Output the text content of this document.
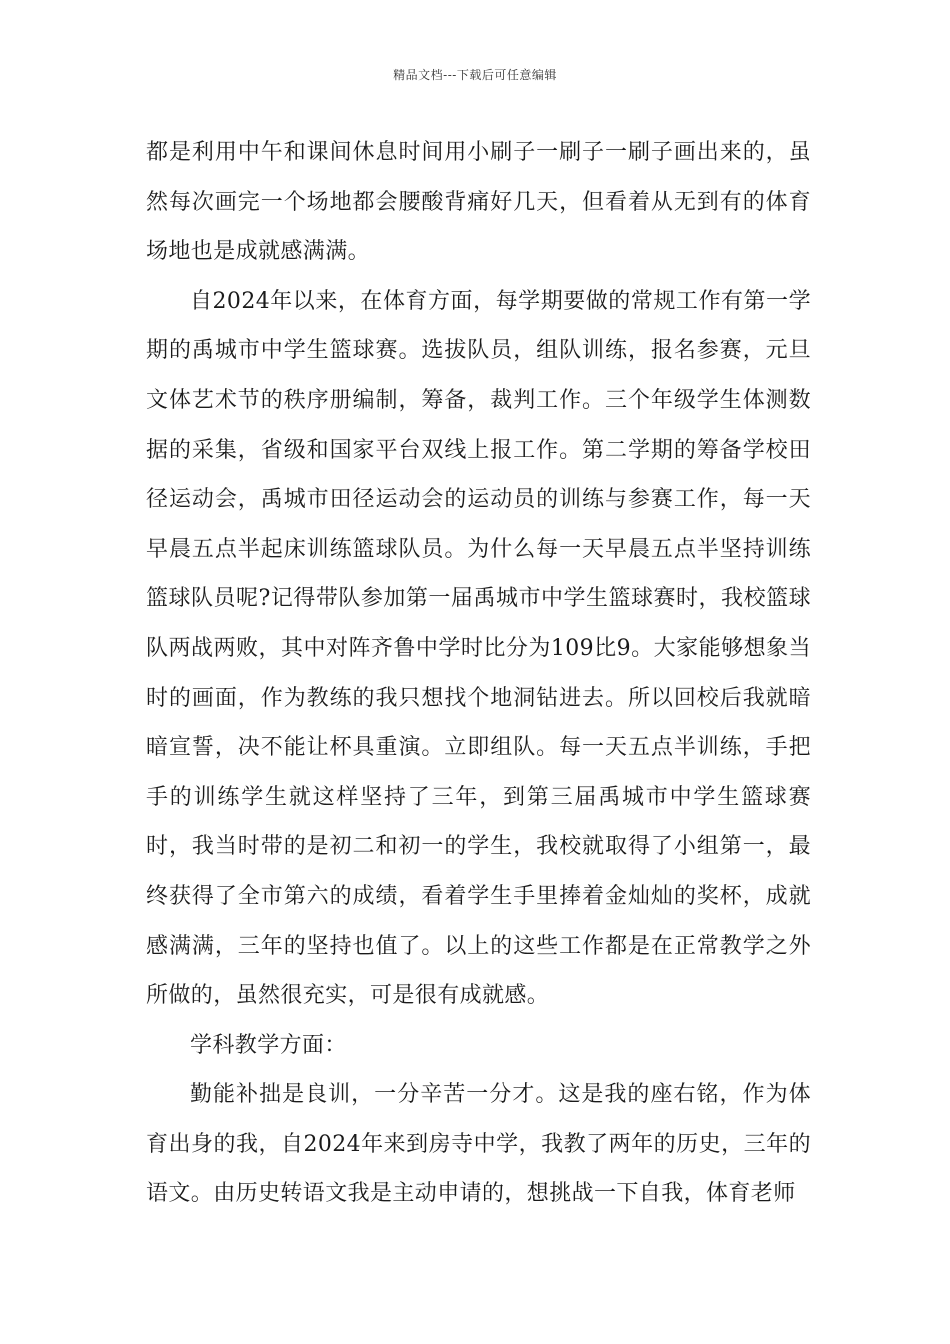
精品文档---下载后可任意编辑

都是利用中午和课间休息时间用小刷子一刷子一刷子画出来的，虽然每次画完一个场地都会腰酸背痛好几天，但看着从无到有的体育场地也是成就感满满。

自2024年以来，在体育方面，每学期要做的常规工作有第一学期的禹城市中学生篮球赛。选拔队员，组队训练，报名参赛，元旦文体艺术节的秩序册编制，筹备，裁判工作。三个年级学生体测数据的采集，省级和国家平台双线上报工作。第二学期的筹备学校田径运动会，禹城市田径运动会的运动员的训练与参赛工作，每一天早晨五点半起床训练篮球队员。为什么每一天早晨五点半坚持训练篮球队员呢?记得带队参加第一届禹城市中学生篮球赛时，我校篮球队两战两败，其中对阵齐鲁中学时比分为109比9。大家能够想象当时的画面，作为教练的我只想找个地洞钻进去。所以回校后我就暗暗宣誓，决不能让杯具重演。立即组队。每一天五点半训练，手把手的训练学生就这样坚持了三年，到第三届禹城市中学生篮球赛时，我当时带的是初二和初一的学生，我校就取得了小组第一，最终获得了全市第六的成绩，看着学生手里捧着金灿灿的奖杯，成就感满满，三年的坚持也值了。以上的这些工作都是在正常教学之外所做的，虽然很充实，可是很有成就感。

学科教学方面：

勤能补拙是良训，一分辛苦一分才。这是我的座右铭，作为体育出身的我，自2024年来到房寺中学，我教了两年的历史，三年的语文。由历史转语文我是主动申请的，想挑战一下自我，体育老师
